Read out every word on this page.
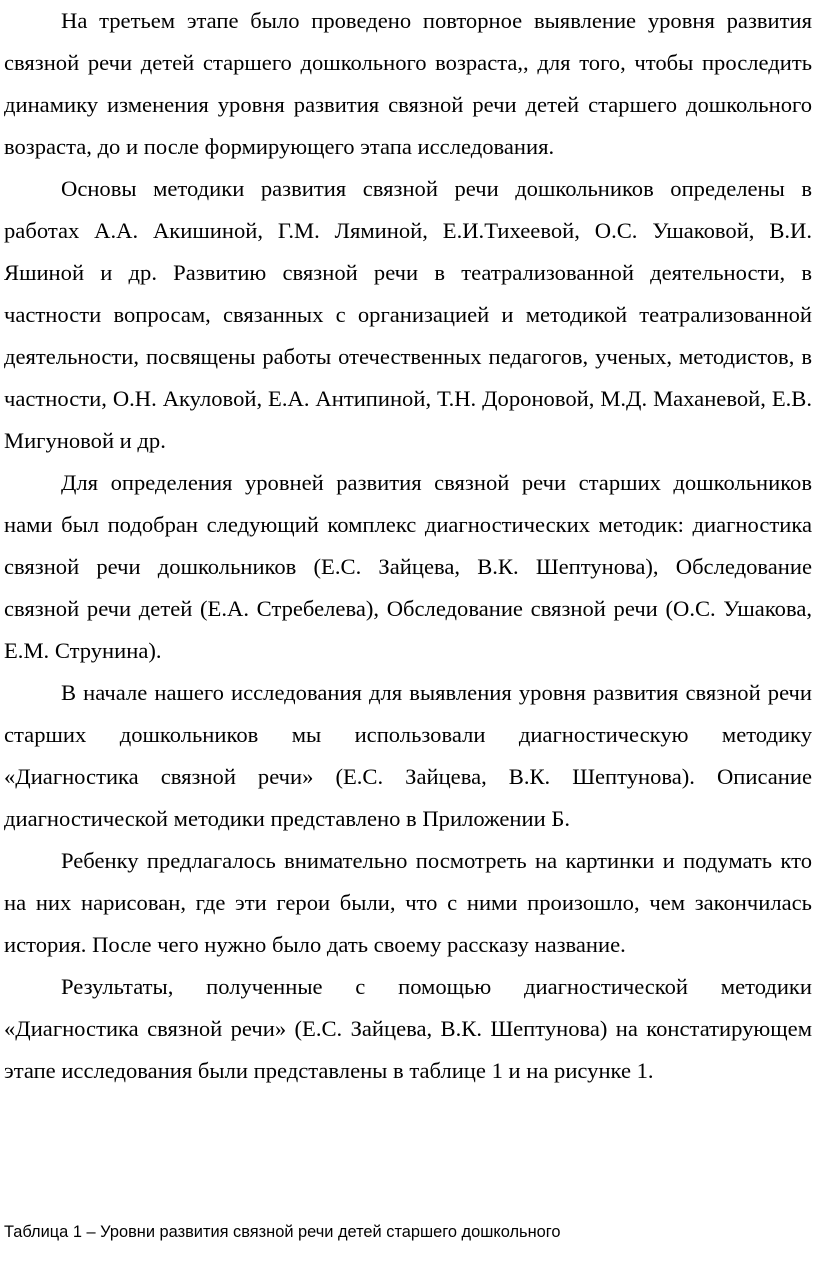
На третьем этапе было проведено повторное выявление уровня развития связной речи детей старшего дошкольного возраста,, для того, чтобы проследить динамику изменения уровня развития связной речи детей старшего дошкольного возраста, до и после формирующего этапа исследования.

Основы методики развития связной речи дошкольников определены в работах А.А. Акишиной, Г.М. Ляминой, Е.И.Тихеевой, О.С. Ушаковой, В.И. Яшиной и др. Развитию связной речи в театрализованной деятельности, в частности вопросам, связанных с организацией и методикой театрализованной деятельности, посвящены работы отечественных педагогов, ученых, методистов, в частности, О.Н. Акуловой, Е.А. Антипиной, Т.Н. Дороновой, М.Д. Маханевой, Е.В. Мигуновой и др.

Для определения уровней развития связной речи старших дошкольников нами был подобран следующий комплекс диагностических методик: диагностика связной речи дошкольников (Е.С. Зайцева, В.К. Шептунова), Обследование связной речи детей (Е.А. Стребелева), Обследование связной речи (О.С. Ушакова, Е.М. Струнина).

В начале нашего исследования для выявления уровня развития связной речи старших дошкольников мы использовали диагностическую методику «Диагностика связной речи» (Е.С. Зайцева, В.К. Шептунова). Описание диагностической методики представлено в Приложении Б.

Ребенку предлагалось внимательно посмотреть на картинки и подумать кто на них нарисован, где эти герои были, что с ними произошло, чем закончилась история. После чего нужно было дать своему рассказу название.

Результаты, полученные с помощью диагностической методики «Диагностика связной речи» (Е.С. Зайцева, В.К. Шептунова) на констатирующем этапе исследования были представлены в таблице 1 и на рисунке 1.

Таблица 1 – Уровни развития связной речи детей старшего дошкольного
